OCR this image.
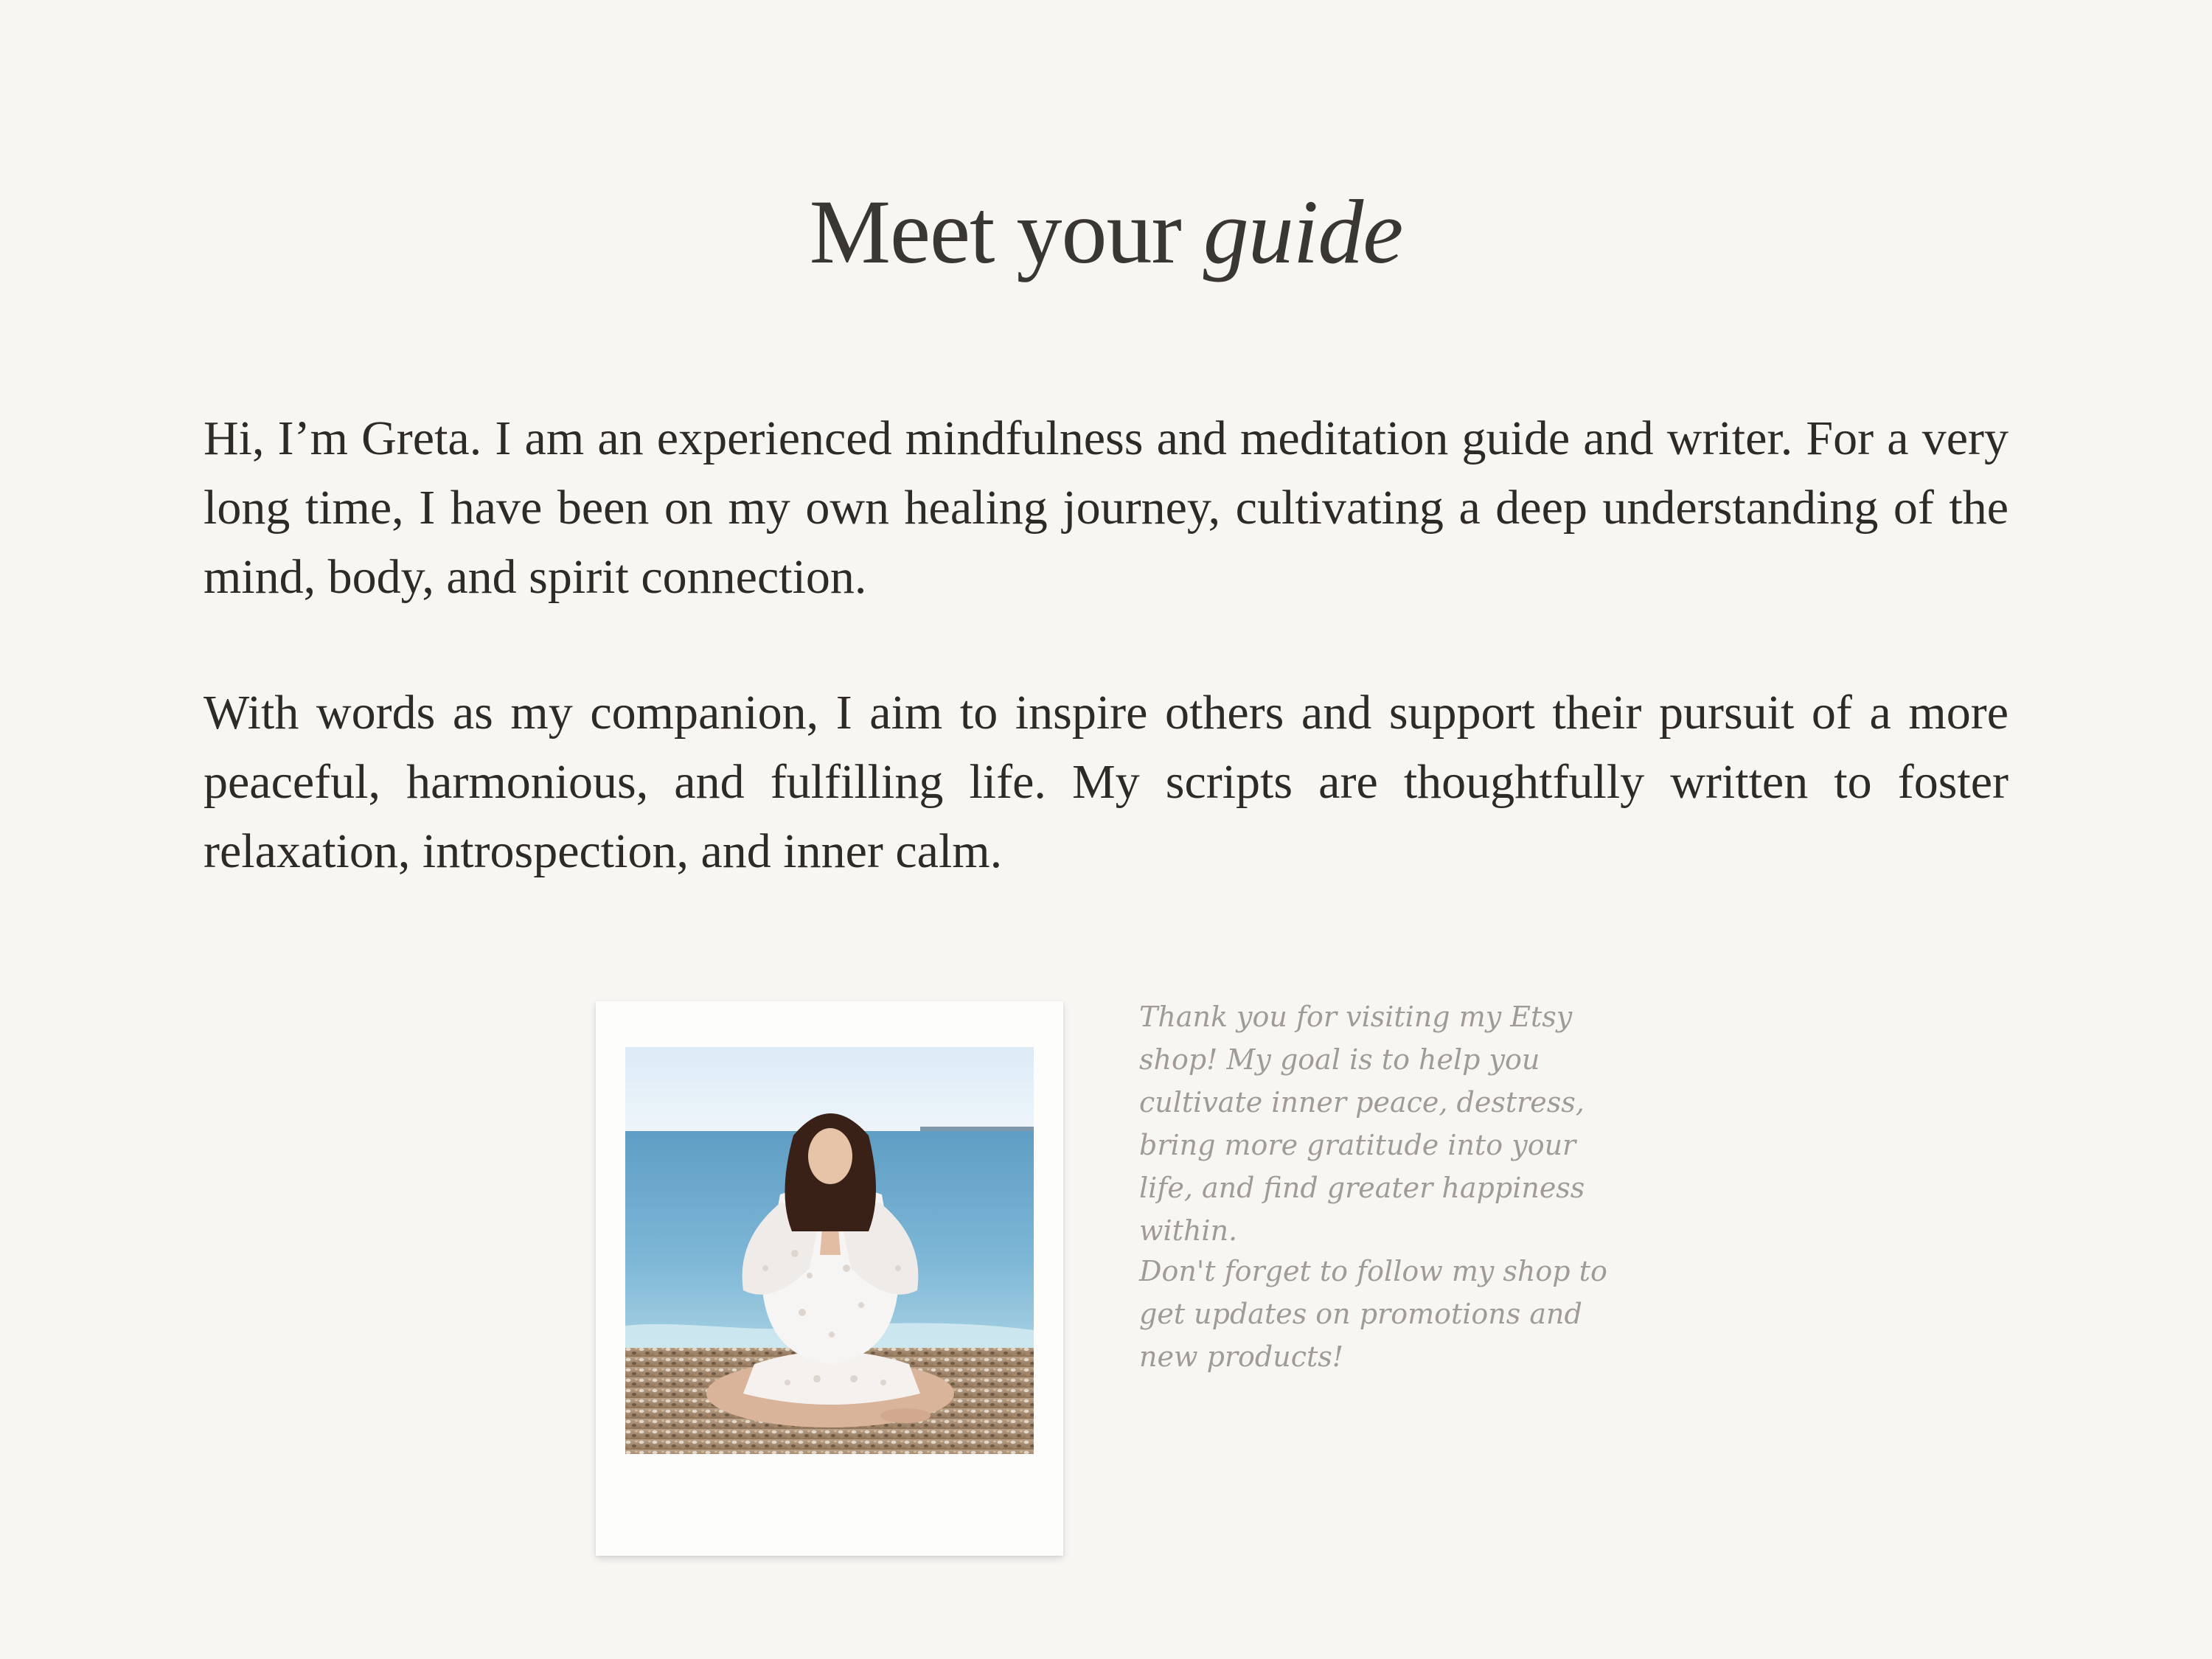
Meet your guide

Hi, I’m Greta. I am an experienced mindfulness and meditation guide and writer. For a very long time, I have been on my own healing journey, cultivating a deep understanding of the mind, body, and spirit connection.

With words as my companion, I aim to inspire others and support their pursuit of a more peaceful, harmonious, and fulfilling life. My scripts are thoughtfully written to foster relaxation, introspection, and inner calm.

Thank you for visiting my Etsy shop! My goal is to help you cultivate inner peace, destress, bring more gratitude into your life, and find greater happiness within.

Don't forget to follow my shop to get updates on promotions and new products!
